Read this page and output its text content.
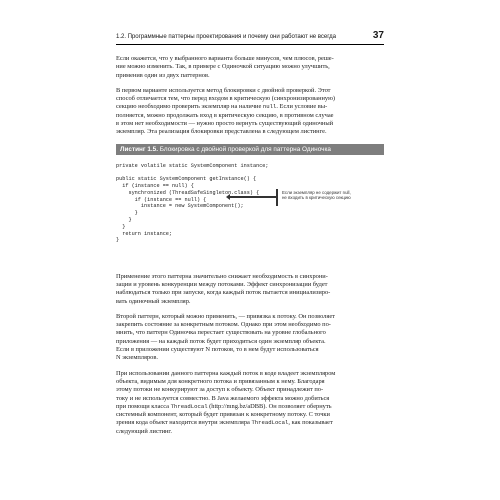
1.2. Программные паттерны проектирования и почему они работают не всегда	37

Если окажется, что у выбранного варианта больше минусов, чем плюсов, реше-
ние можно изменить. Так, в примере с Одиночкой ситуацию можно улучшить,
применив один из двух паттернов.

В первом варианте используется метод блокировки с двойной проверкой. Этот
способ отличается тем, что перед входом в критическую (синхронизированную)
секцию необходимо проверить экземпляр на наличие null. Если условие вы-
полняется, можно продолжать вход в критическую секцию, в противном случае
в этом нет необходимости — нужно просто вернуть существующий одиночный
экземпляр. Эта реализация блокировки представлена в следующем листинге.

Листинг 1.5. Блокировка с двойной проверкой для паттерна Одиночка
private volatile static SystemComponent instance;
public static SystemComponent getInstance() {
if (instance == null) {
synchronized (ThreadSafeSingleton.class) {
if (instance == null) {
instance = new SystemComponent();
}
}
}
return instance;
}
Если экземпляр не содержит null,
не входить в критическую секцию

Применение этого паттерна значительно снижает необходимость в синхрони-
зации и уровень конкуренции между потоками. Эффект синхронизации будет
наблюдаться только при запуске, когда каждый поток пытается инициализиро-
вать одиночный экземпляр.

Второй паттерн, который можно применить, — привязка к потоку. Он позволяет
закрепить состояние за конкретным потоком. Однако при этом необходимо по-
мнить, что паттерн Одиночка перестает существовать на уровне глобального
приложения — на каждый поток будет приходиться один экземпляр объекта.
Если в приложении существуют N потоков, то в нем будут использоваться
N экземпляров.

При использовании данного паттерна каждый поток в коде владеет экземпляром
объекта, видимым для конкретного потока и привязанным к нему. Благодаря
этому потоки не конкурируют за доступ к объекту. Объект принадлежит по-
току и не используется совместно. В Java желаемого эффекта можно добиться
при помощи класса ThreadLocal (http://mng.bz/aDBB). Он позволяет обернуть
системный компонент, который будет привязан к конкретному потоку. С точки
зрения кода объект находится внутри экземпляра ThreadLocal, как показывает
следующий листинг.
